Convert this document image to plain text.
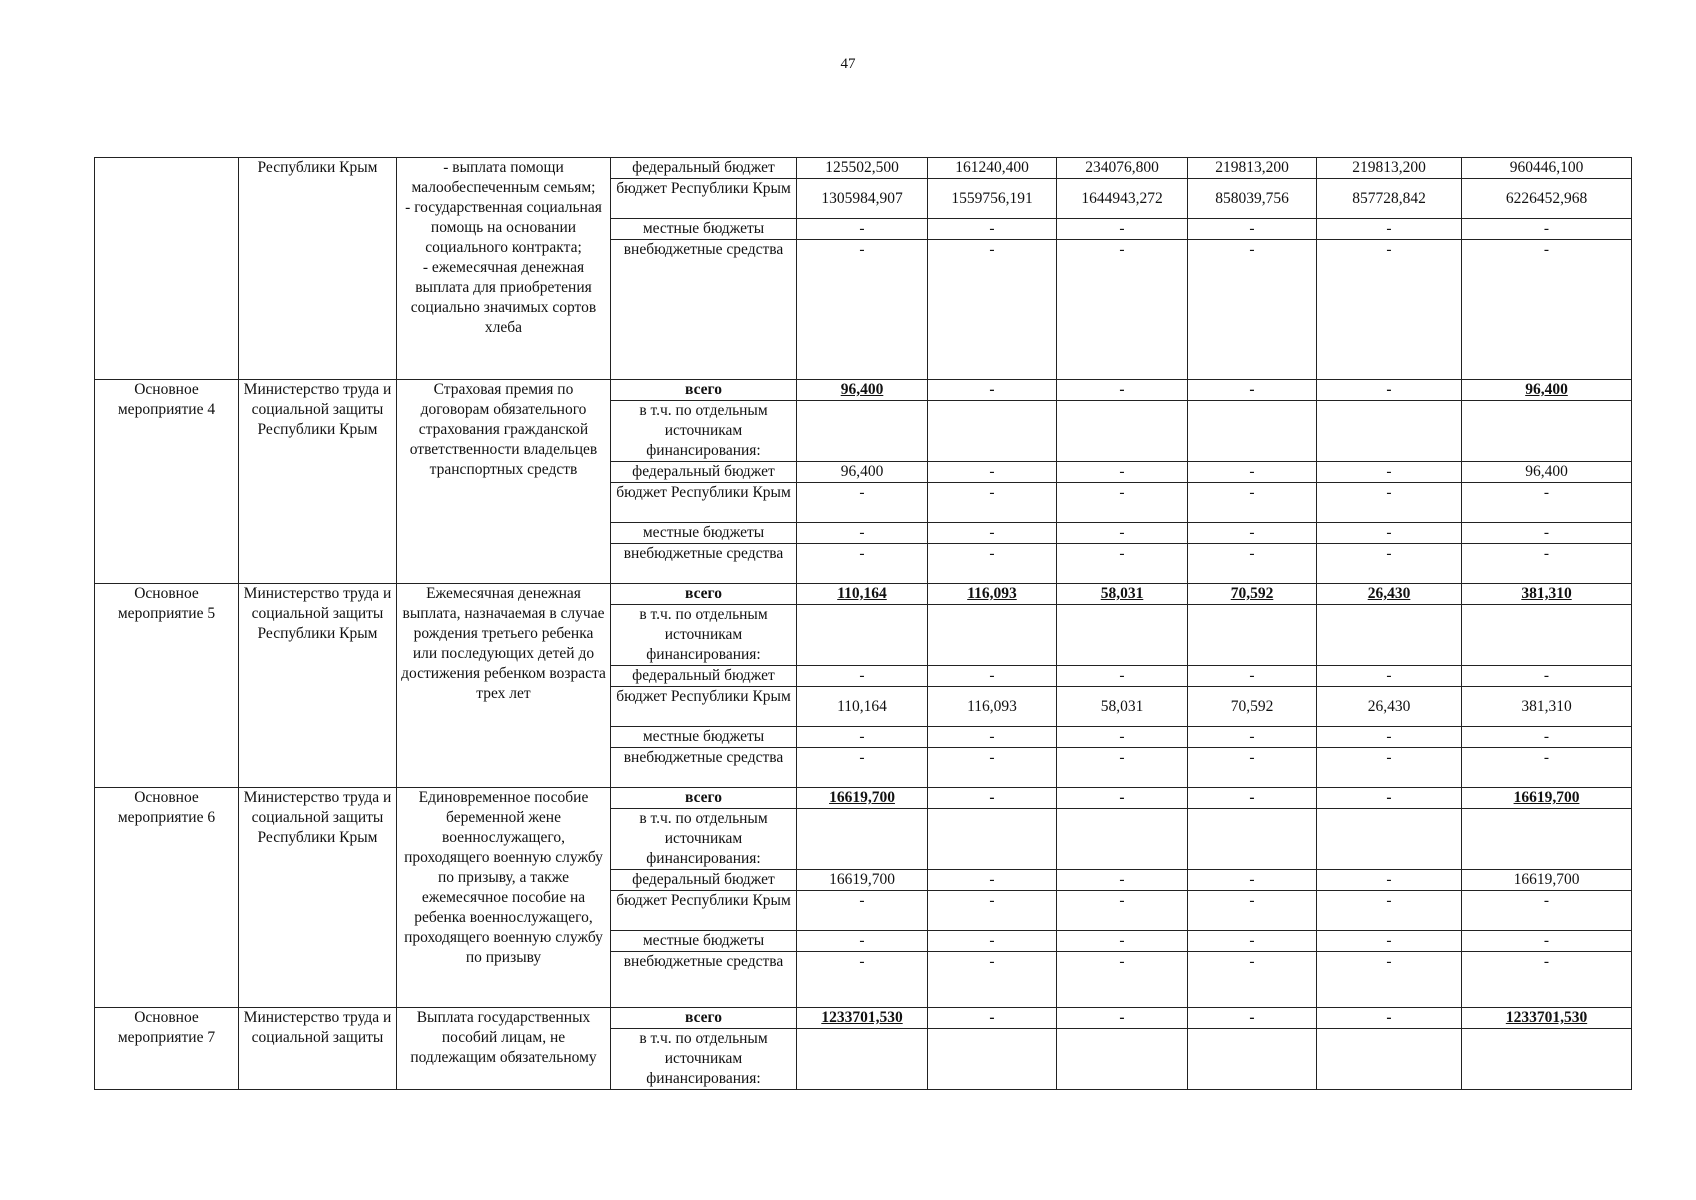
47
	Республики Крым	- выплата помощи малообеспеченным семьям;
- государственная социальная помощь на основании социального контракта;
- ежемесячная денежная выплата для приобретения социально значимых сортов хлеба	федеральный бюджет	125502,500	161240,400	234076,800	219813,200	219813,200	960446,100
			бюджет Республики Крым	1305984,907	1559756,191	1644943,272	858039,756	857728,842	6226452,968
			местные бюджеты	-	-	-	-	-	-
			внебюджетные средства	-	-	-	-	-	-
Основное мероприятие 4	Министерство труда и социальной защиты Республики Крым	Страховая премия по договорам обязательного страхования гражданской ответственности владельцев транспортных средств	всего	96,400	-	-	-	-	96,400
			в т.ч. по отдельным источникам финансирования:						
			федеральный бюджет	96,400	-	-	-	-	96,400
			бюджет Республики Крым	-	-	-	-	-	-
			местные бюджеты	-	-	-	-	-	-
			внебюджетные средства	-	-	-	-	-	-
Основное мероприятие 5	Министерство труда и социальной защиты Республики Крым	Ежемесячная денежная выплата, назначаемая в случае рождения третьего ребенка или последующих детей до достижения ребенком возраста трех лет	всего	110,164	116,093	58,031	70,592	26,430	381,310
			в т.ч. по отдельным источникам финансирования:						
			федеральный бюджет	-	-	-	-	-	-
			бюджет Республики Крым	110,164	116,093	58,031	70,592	26,430	381,310
			местные бюджеты	-	-	-	-	-	-
			внебюджетные средства	-	-	-	-	-	-
Основное мероприятие 6	Министерство труда и социальной защиты Республики Крым	Единовременное пособие беременной жене военнослужащего, проходящего военную службу по призыву, а также ежемесячное пособие на ребенка военнослужащего, проходящего военную службу по призыву	всего	16619,700	-	-	-	-	16619,700
			в т.ч. по отдельным источникам финансирования:						
			федеральный бюджет	16619,700	-	-	-	-	16619,700
			бюджет Республики Крым	-	-	-	-	-	-
			местные бюджеты	-	-	-	-	-	-
			внебюджетные средства	-	-	-	-	-	-
Основное мероприятие 7	Министерство труда и социальной защиты	Выплата государственных пособий лицам, не подлежащим обязательному	всего	1233701,530	-	-	-	-	1233701,530
			в т.ч. по отдельным источникам финансирования:						
